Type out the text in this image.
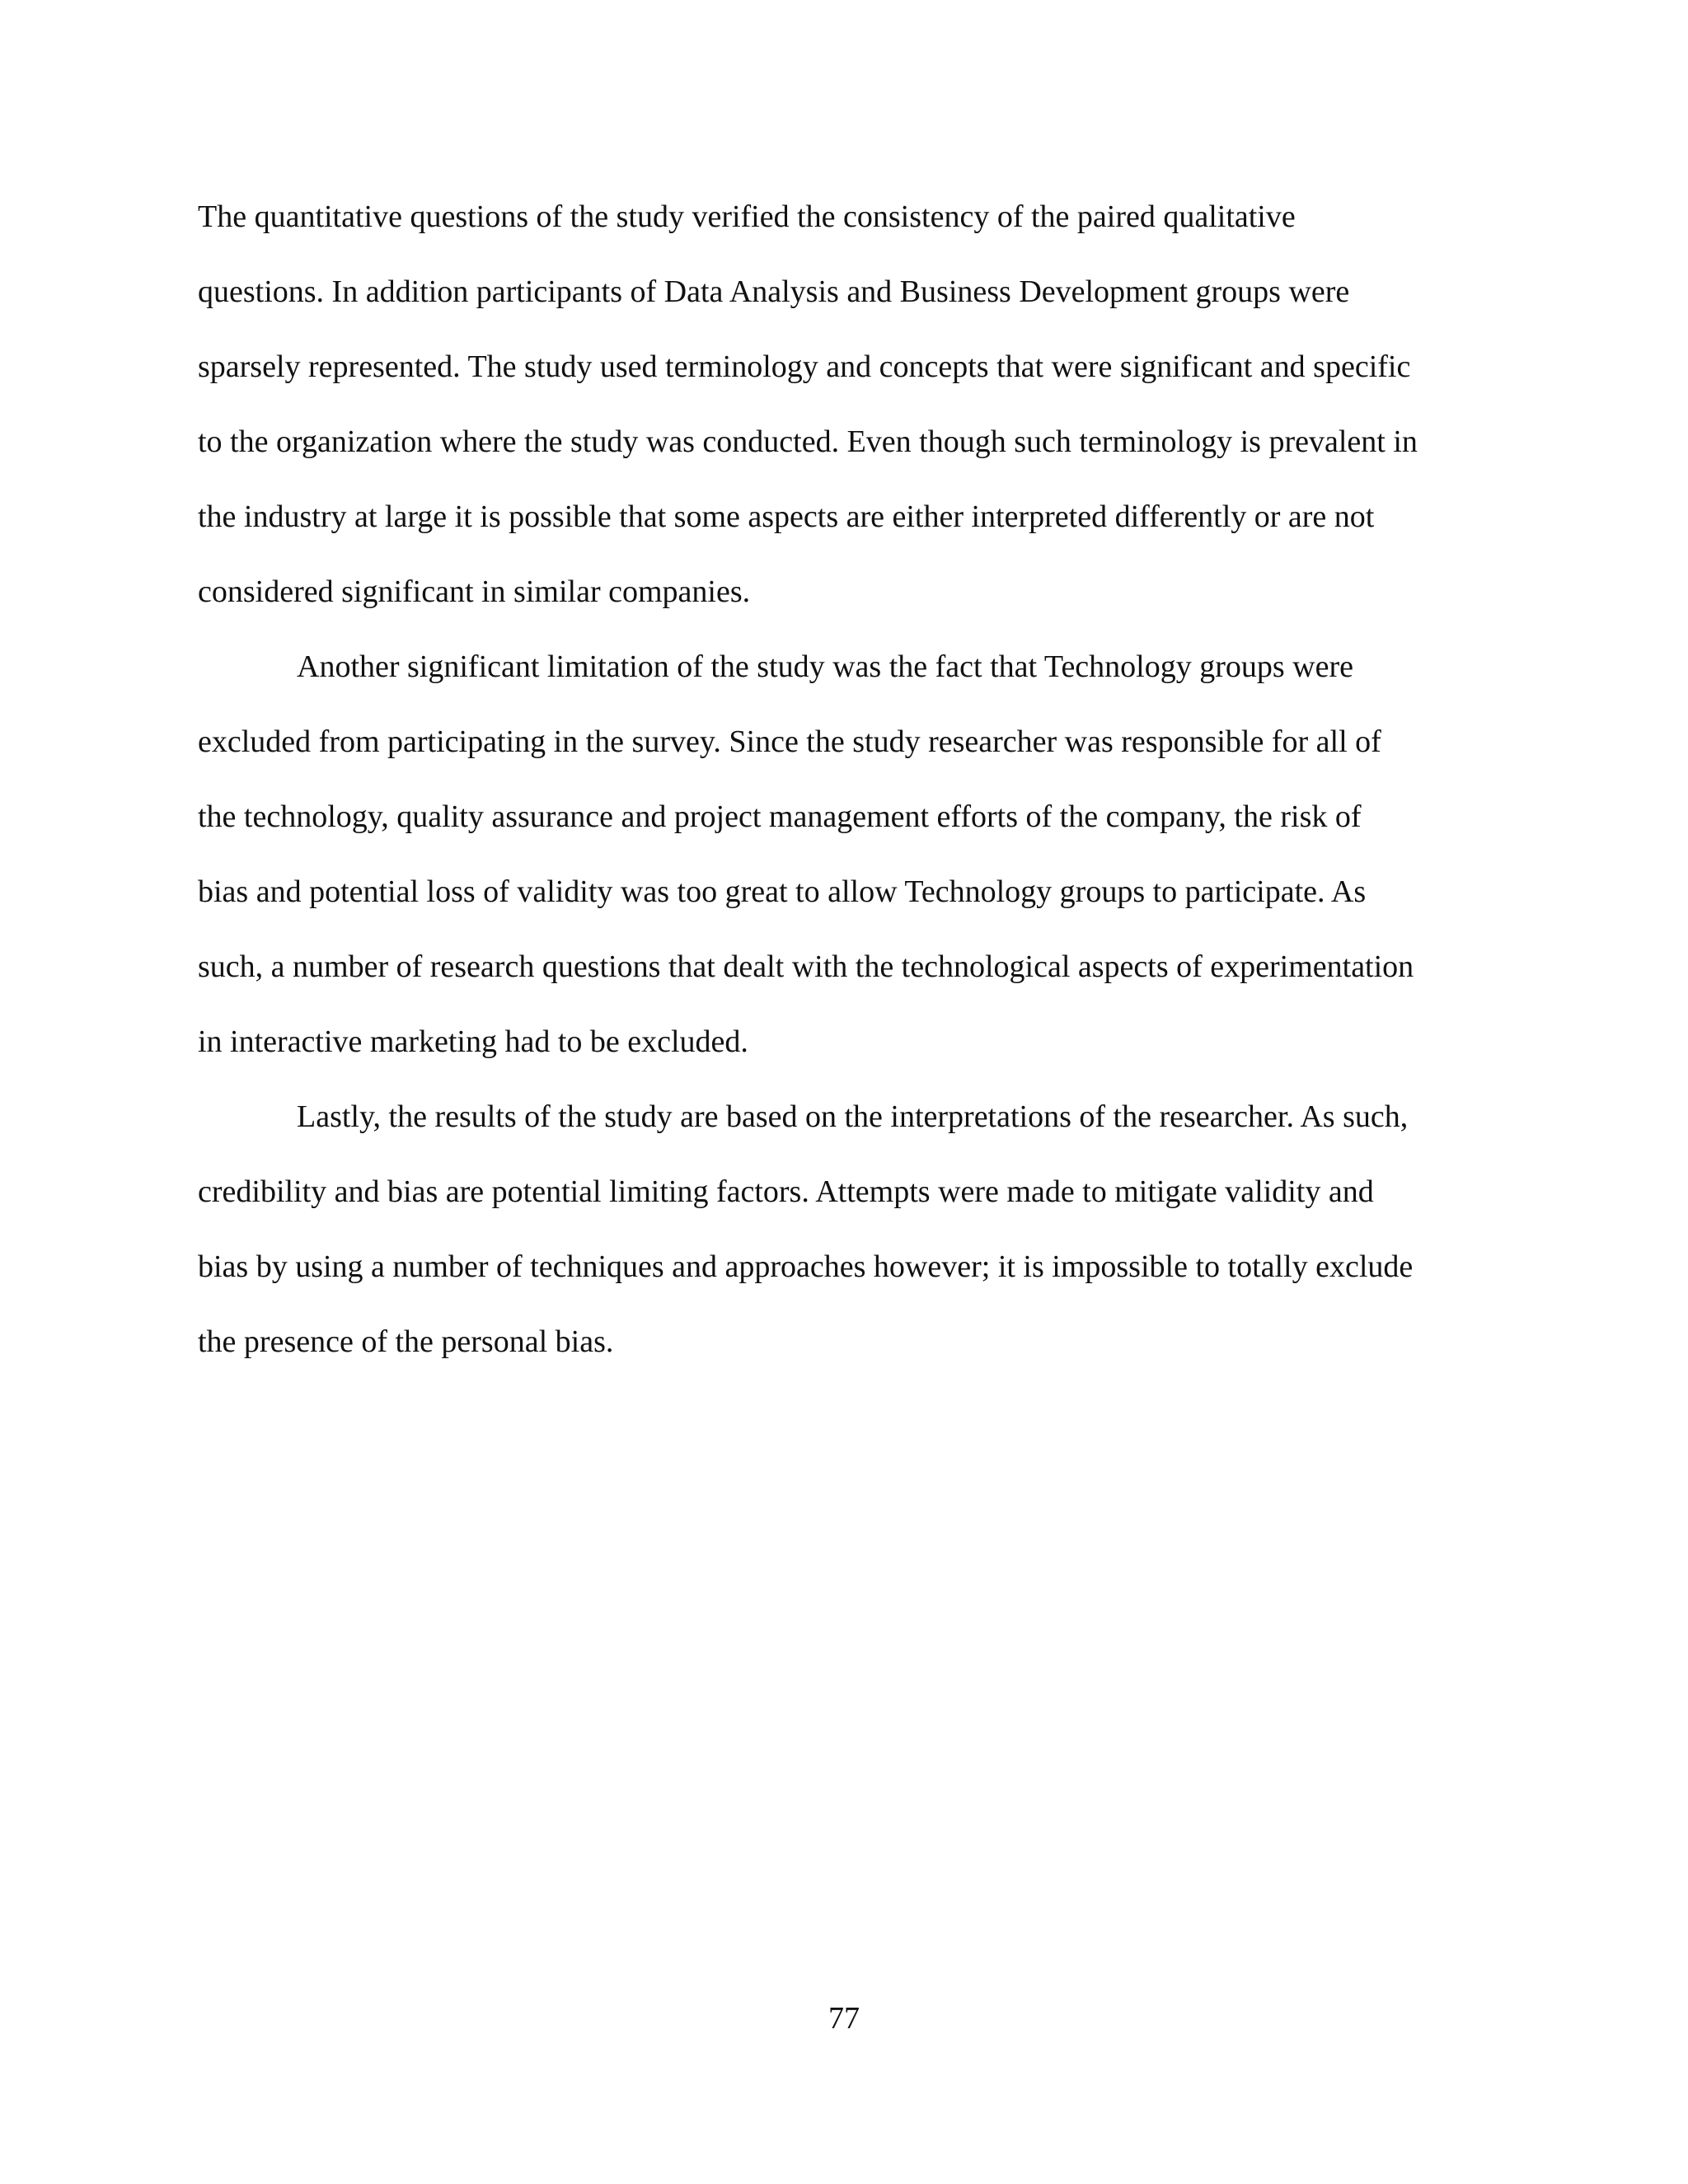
The quantitative questions of the study verified the consistency of the paired qualitative
questions. In addition participants of Data Analysis and Business Development groups were
sparsely represented. The study used terminology and concepts that were significant and specific
to the organization where the study was conducted. Even though such terminology is prevalent in
the industry at large it is possible that some aspects are either interpreted differently or are not
considered significant in similar companies.
Another significant limitation of the study was the fact that Technology groups were
excluded from participating in the survey. Since the study researcher was responsible for all of
the technology, quality assurance and project management efforts of the company, the risk of
bias and potential loss of validity was too great to allow Technology groups to participate. As
such, a number of research questions that dealt with the technological aspects of experimentation
in interactive marketing had to be excluded.
Lastly, the results of the study are based on the interpretations of the researcher. As such,
credibility and bias are potential limiting factors. Attempts were made to mitigate validity and
bias by using a number of techniques and approaches however; it is impossible to totally exclude
the presence of the personal bias.
77
